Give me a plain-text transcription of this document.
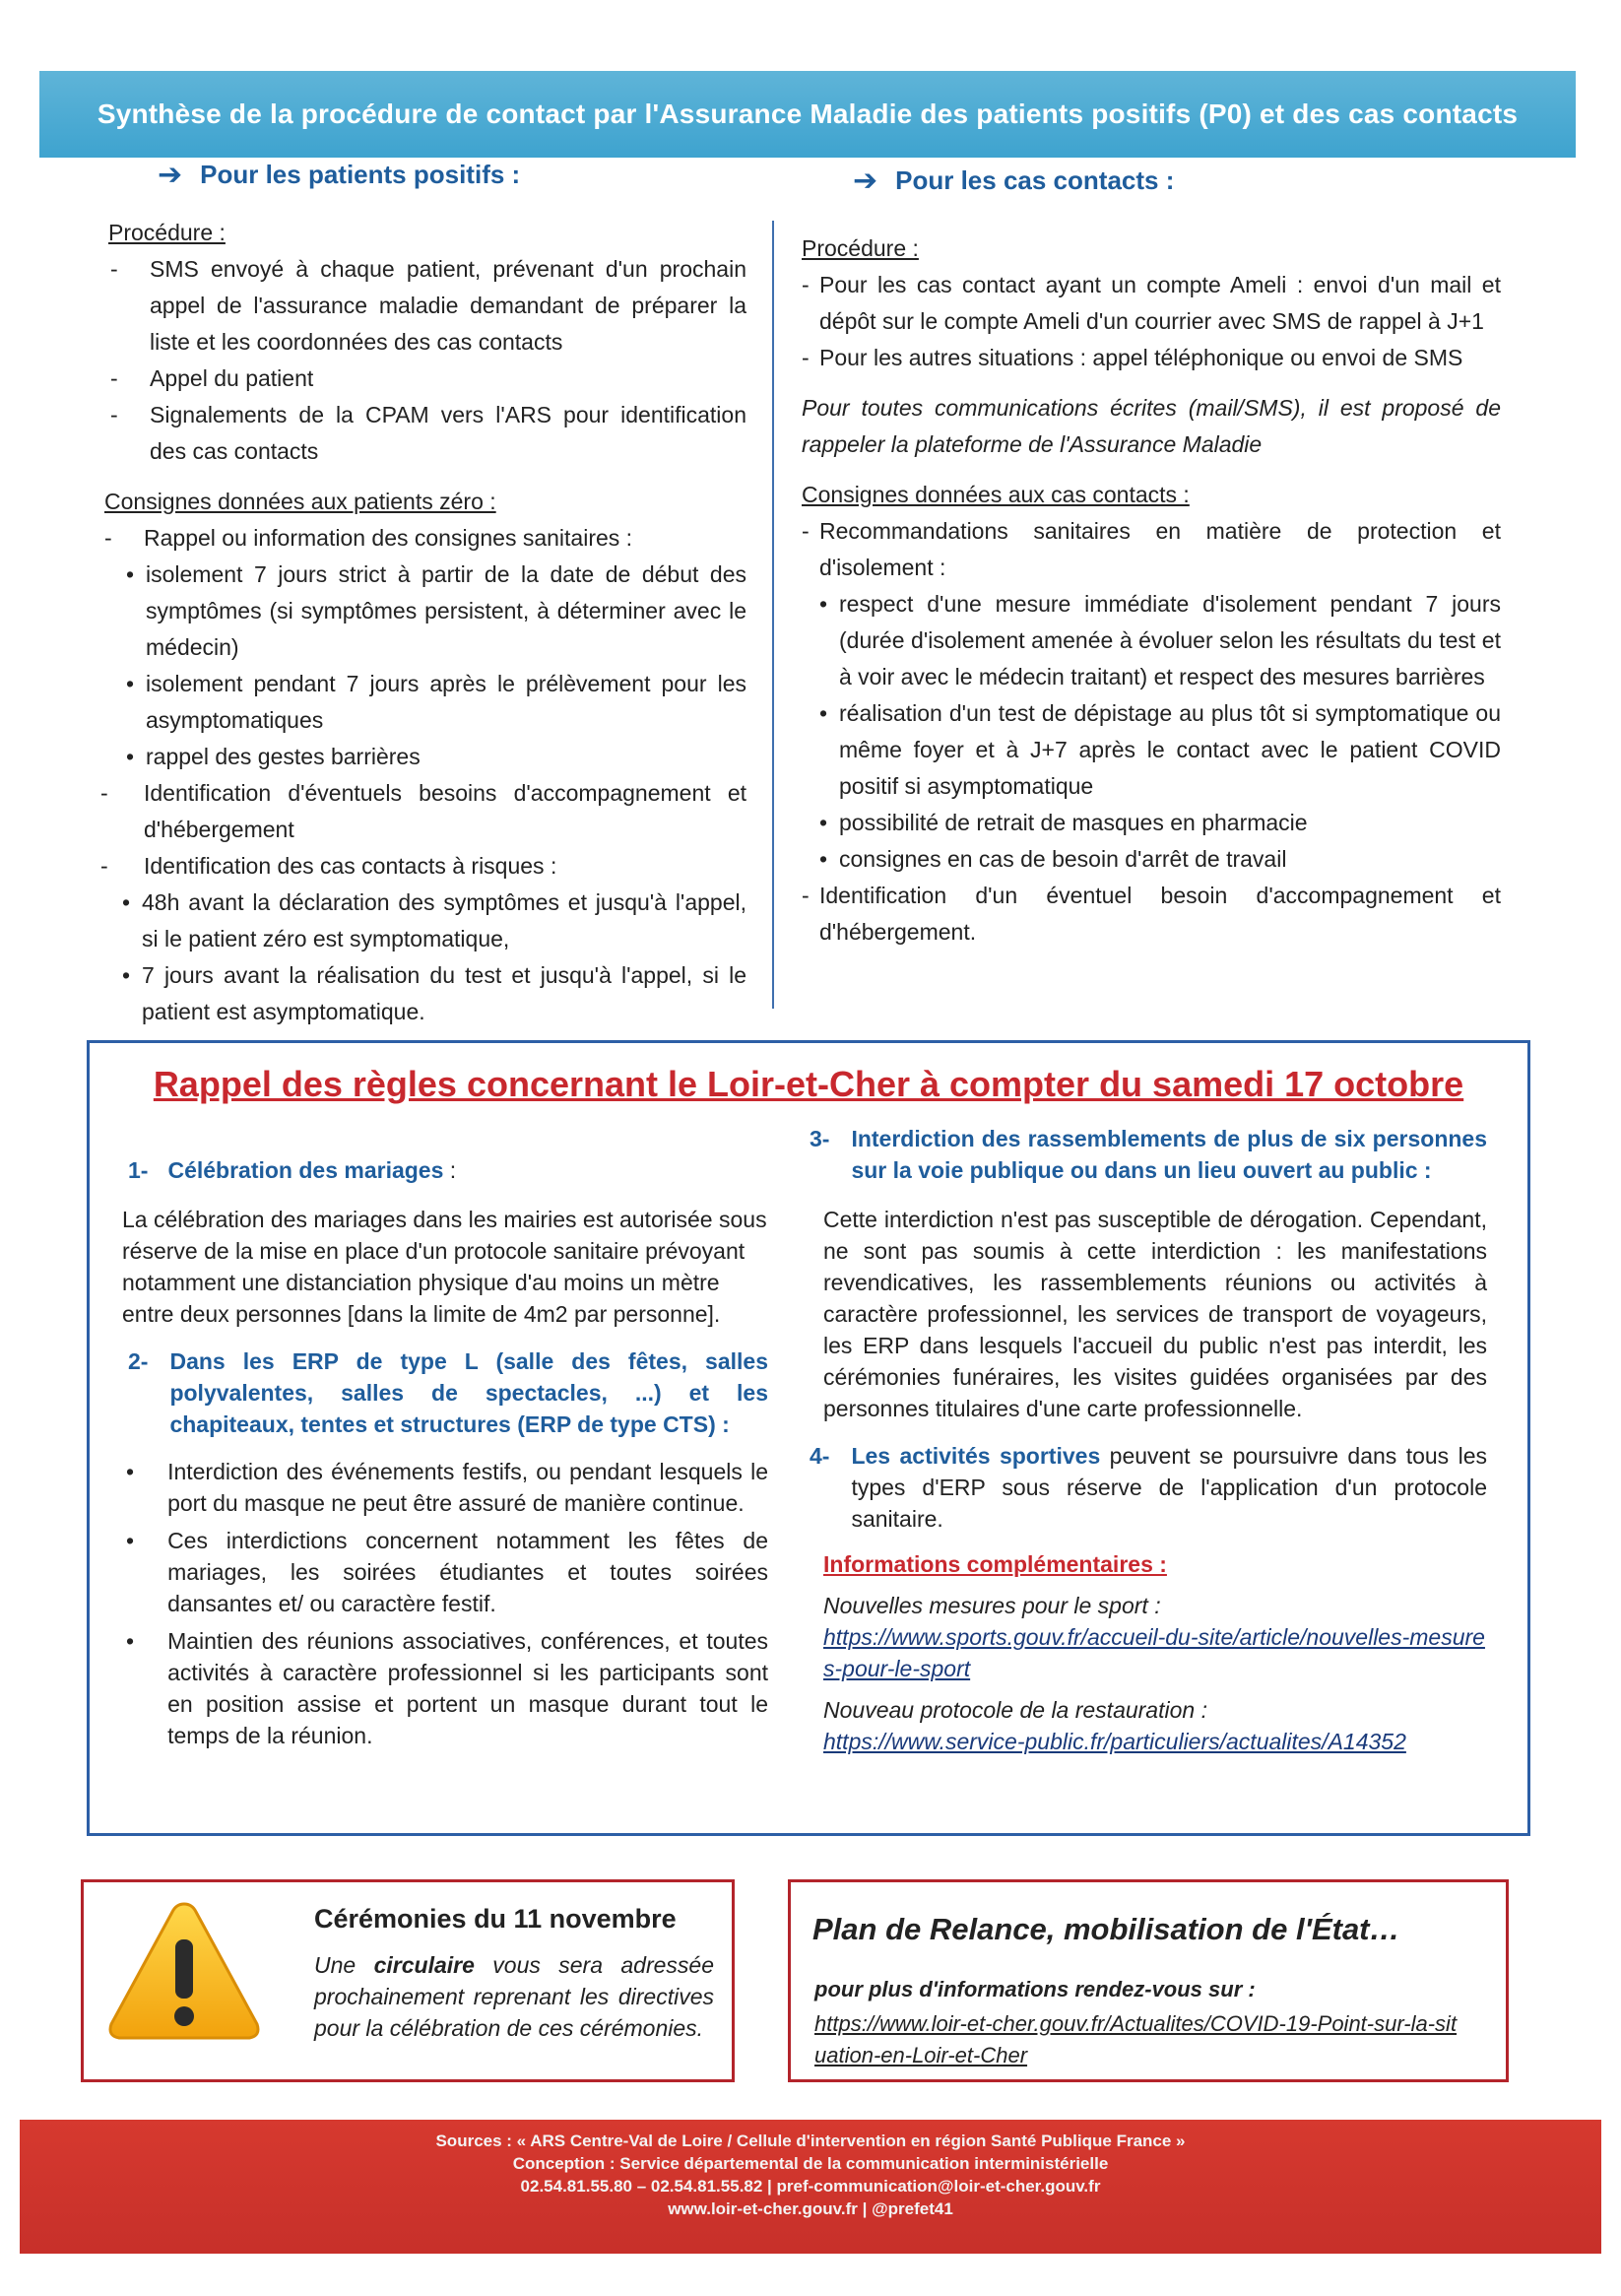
Synthèse de la procédure de contact par l'Assurance Maladie des patients positifs (P0) et des cas contacts
➔ Pour les patients positifs :
Procédure :
- SMS envoyé à chaque patient, prévenant d'un prochain appel de l'assurance maladie demandant de préparer la liste et les coordonnées des cas contacts
- Appel du patient
- Signalements de la CPAM vers l'ARS pour identification des cas contacts
Consignes données aux patients zéro :
- Rappel ou information des consignes sanitaires :
• isolement 7 jours strict à partir de la date de début des symptômes (si symptômes persistent, à déterminer avec le médecin)
• isolement pendant 7 jours après le prélèvement pour les asymptomatiques
• rappel des gestes barrières
- Identification d'éventuels besoins d'accompagnement et d'hébergement
- Identification des cas contacts à risques :
• 48h avant la déclaration des symptômes et jusqu'à l'appel, si le patient zéro est symptomatique,
• 7 jours avant la réalisation du test et jusqu'à l'appel, si le patient est asymptomatique.
➔ Pour les cas contacts :
Procédure :
- Pour les cas contact ayant un compte Ameli : envoi d'un mail et dépôt sur le compte Ameli d'un courrier avec SMS de rappel à J+1
- Pour les autres situations : appel téléphonique ou envoi de SMS
Pour toutes communications écrites (mail/SMS), il est proposé de rappeler la plateforme de l'Assurance Maladie
Consignes données aux cas contacts :
- Recommandations sanitaires en matière de protection et d'isolement :
• respect d'une mesure immédiate d'isolement pendant 7 jours (durée d'isolement amenée à évoluer selon les résultats du test et à voir avec le médecin traitant) et respect des mesures barrières
• réalisation d'un test de dépistage au plus tôt si symptomatique ou même foyer et à J+7 après le contact avec le patient COVID positif si asymptomatique
• possibilité de retrait de masques en pharmacie
• consignes en cas de besoin d'arrêt de travail
- Identification d'un éventuel besoin d'accompagnement et d'hébergement.
Rappel des règles concernant le Loir-et-Cher à compter du samedi 17 octobre
1- Célébration des mariages :
La célébration des mariages dans les mairies est autorisée sous réserve de la mise en place d'un protocole sanitaire prévoyant notamment une distanciation physique d'au moins un mètre entre deux personnes [dans la limite de 4m2 par personne].
2- Dans les ERP de type L (salle des fêtes, salles polyvalentes, salles de spectacles, ...) et les chapiteaux, tentes et structures (ERP de type CTS) :
• Interdiction des événements festifs, ou pendant lesquels le port du masque ne peut être assuré de manière continue.
• Ces interdictions concernent notamment les fêtes de mariages, les soirées étudiantes et toutes soirées dansantes et/ ou caractère festif.
• Maintien des réunions associatives, conférences, et toutes activités à caractère professionnel si les participants sont en position assise et portent un masque durant tout le temps de la réunion.
3- Interdiction des rassemblements de plus de six personnes sur la voie publique ou dans un lieu ouvert au public :
Cette interdiction n'est pas susceptible de dérogation. Cependant, ne sont pas soumis à cette interdiction : les manifestations revendicatives, les rassemblements réunions ou activités à caractère professionnel, les services de transport de voyageurs, les ERP dans lesquels l'accueil du public n'est pas interdit, les cérémonies funéraires, les visites guidées organisées par des personnes titulaires d'une carte professionnelle.
4- Les activités sportives peuvent se poursuivre dans tous les types d'ERP sous réserve de l'application d'un protocole sanitaire.
Informations complémentaires :
Nouvelles mesures pour le sport :
https://www.sports.gouv.fr/accueil-du-site/article/nouvelles-mesures-pour-le-sport
Nouveau protocole de la restauration :
https://www.service-public.fr/particuliers/actualites/A14352
Cérémonies du 11 novembre
Une circulaire vous sera adressée prochainement reprenant les directives pour la célébration de ces cérémonies.
Plan de Relance, mobilisation de l'État…
pour plus d'informations rendez-vous sur :
https://www.loir-et-cher.gouv.fr/Actualites/COVID-19-Point-sur-la-situation-en-Loir-et-Cher
Sources : « ARS Centre-Val de Loire / Cellule d'intervention en région Santé Publique France »
Conception : Service départemental de la communication interministérielle
02.54.81.55.80 – 02.54.81.55.82 | pref-communication@loir-et-cher.gouv.fr
www.loir-et-cher.gouv.fr | @prefet41
